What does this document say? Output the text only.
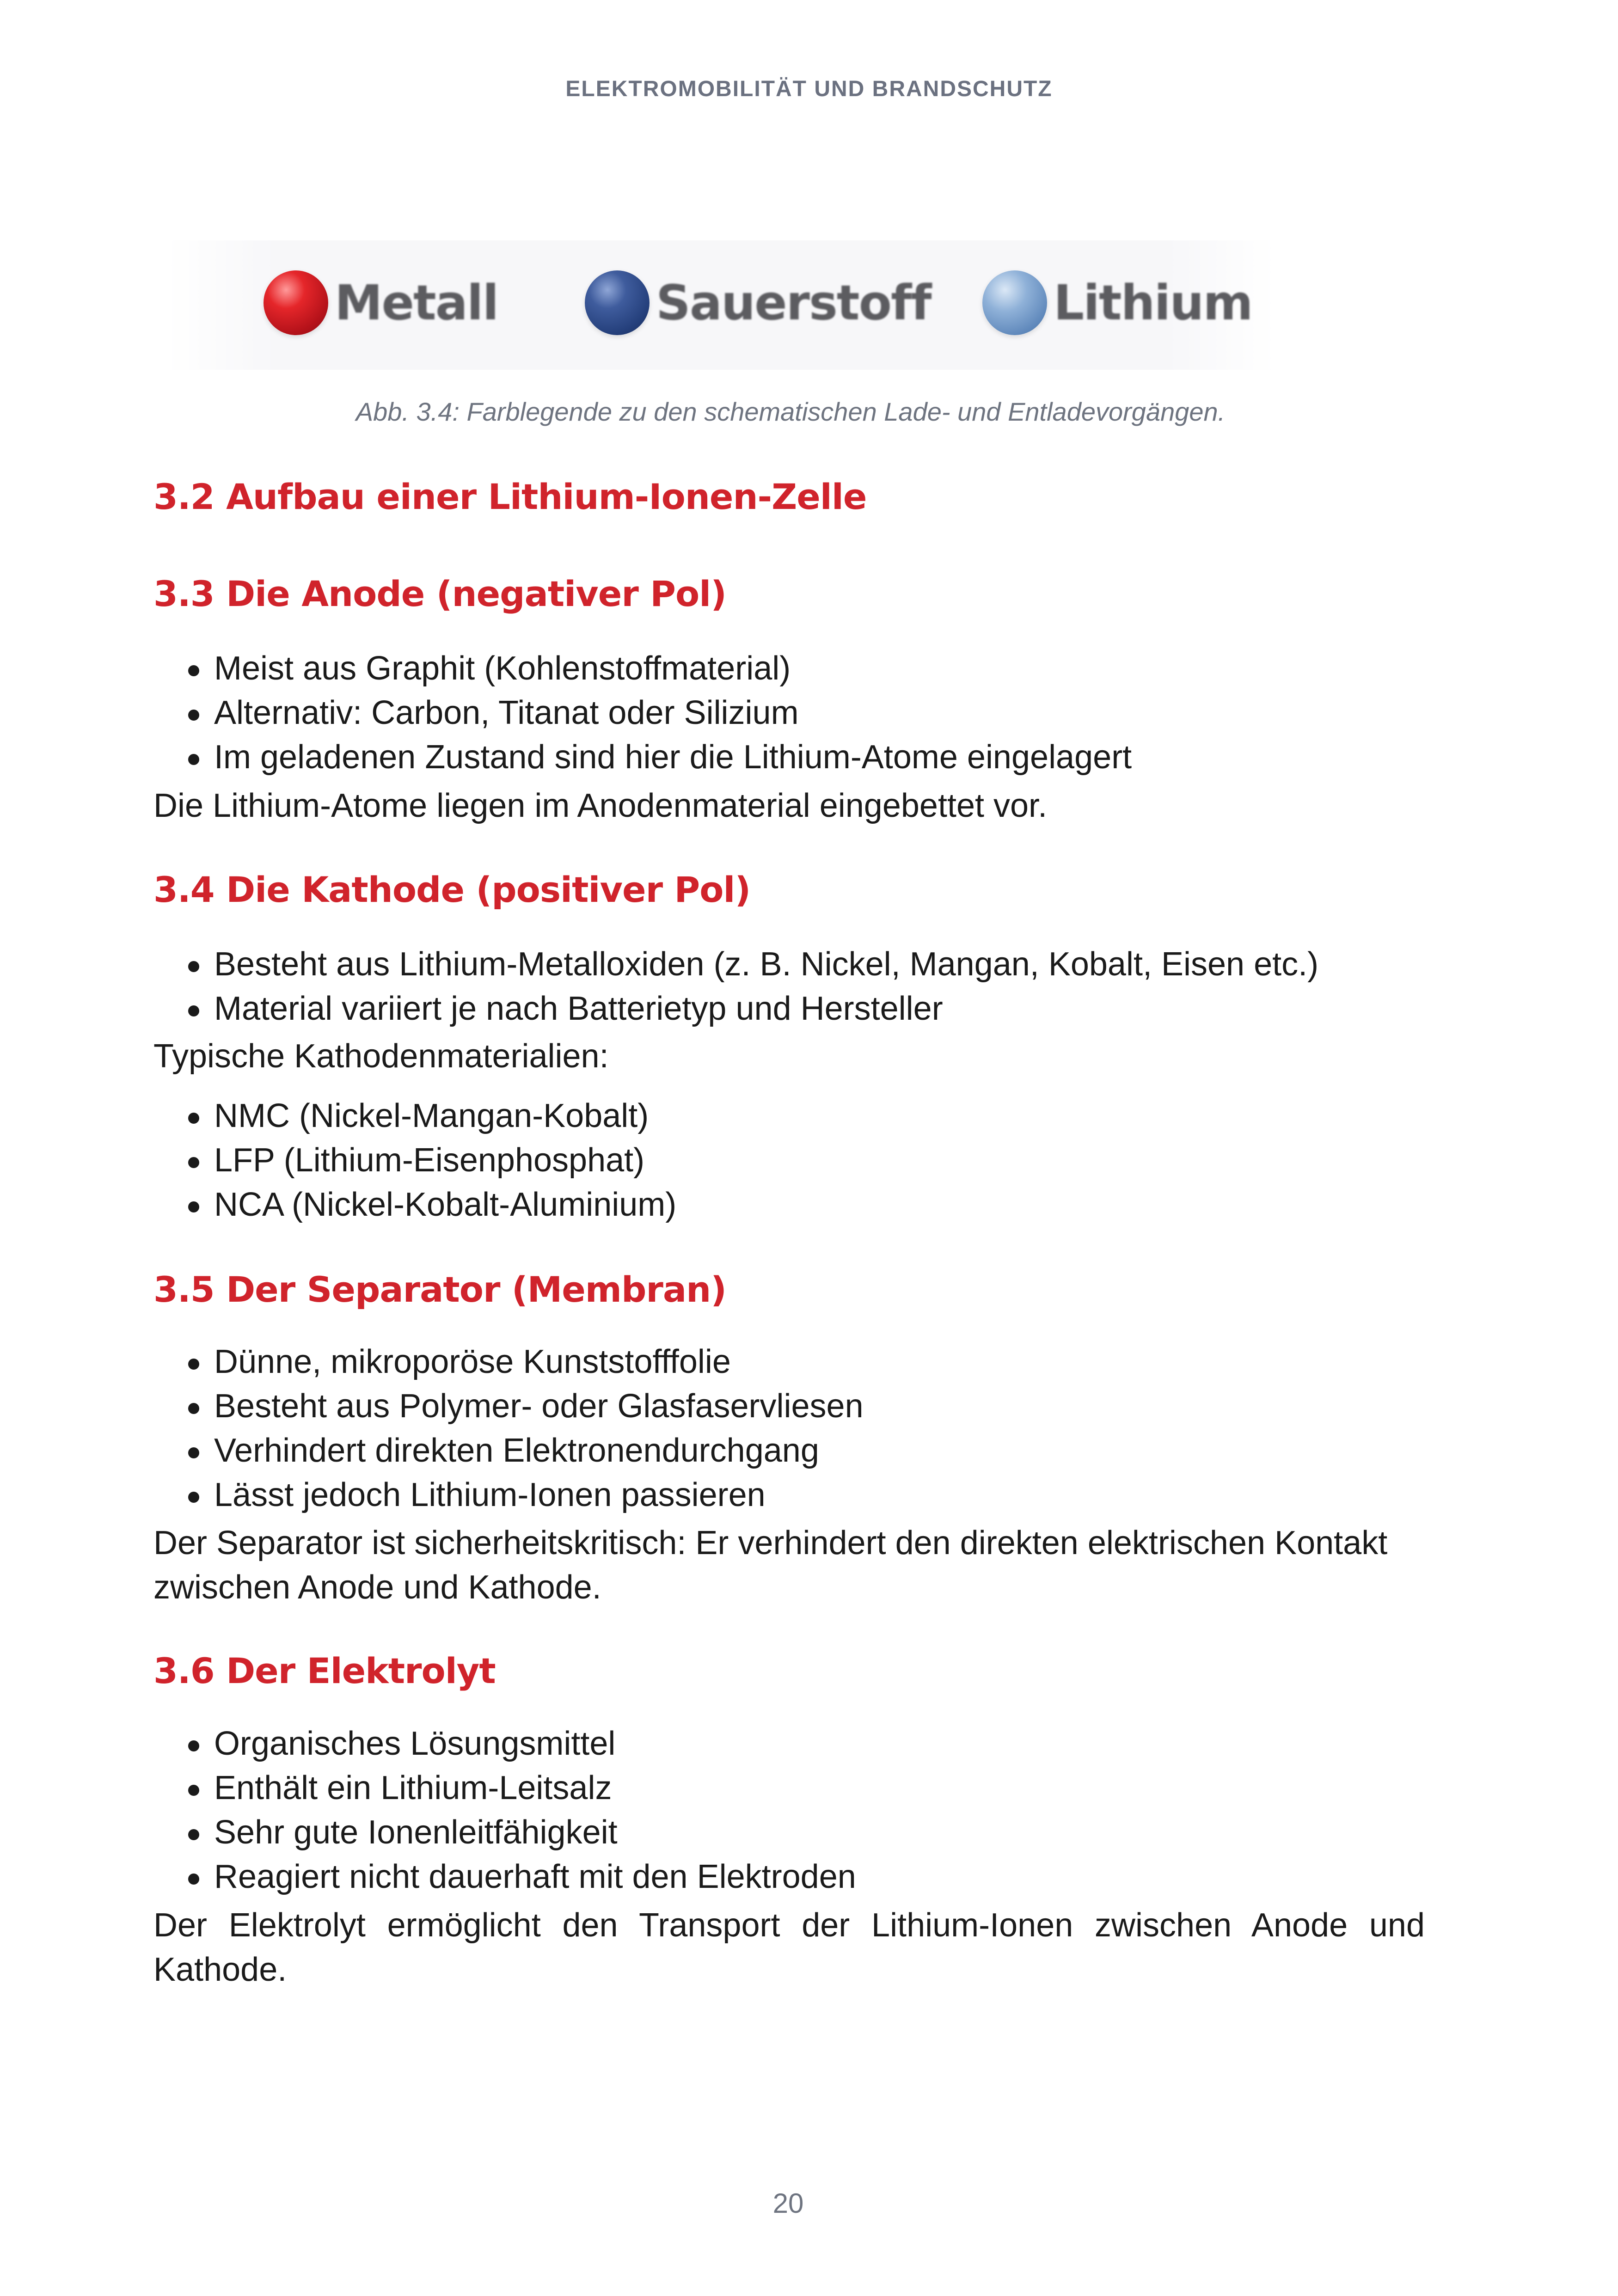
ELEKTROMOBILITÄT UND BRANDSCHUTZ
Metall	Sauerstoff	Lithium
Abb. 3.4: Farblegende zu den schematischen Lade- und Entladevorgängen.
3.2 Aufbau einer Lithium-Ionen-Zelle
3.3 Die Anode (negativer Pol)
Meist aus Graphit (Kohlenstoffmaterial)
Alternativ: Carbon, Titanat oder Silizium
Im geladenen Zustand sind hier die Lithium-Atome eingelagert

Die Lithium-Atome liegen im Anodenmaterial eingebettet vor.

3.4 Die Kathode (positiver Pol)
Besteht aus Lithium-Metalloxiden (z. B. Nickel, Mangan, Kobalt, Eisen etc.)
Material variiert je nach Batterietyp und Hersteller

Typische Kathodenmaterialien:

NMC (Nickel-Mangan-Kobalt)
LFP (Lithium-Eisenphosphat)
NCA (Nickel-Kobalt-Aluminium)
3.5 Der Separator (Membran)
Dünne, mikroporöse Kunststofffolie
Besteht aus Polymer- oder Glasfaservliesen
Verhindert direkten Elektronendurchgang
Lässt jedoch Lithium-Ionen passieren

Der Separator ist sicherheitskritisch: Er verhindert den direkten elektrischen Kontakt zwischen Anode und Kathode.

3.6 Der Elektrolyt
Organisches Lösungsmittel
Enthält ein Lithium-Leitsalz
Sehr gute Ionenleitfähigkeit
Reagiert nicht dauerhaft mit den Elektroden

Der Elektrolyt ermöglicht den Transport der Lithium-Ionen zwischen Anode und Kathode.

20
